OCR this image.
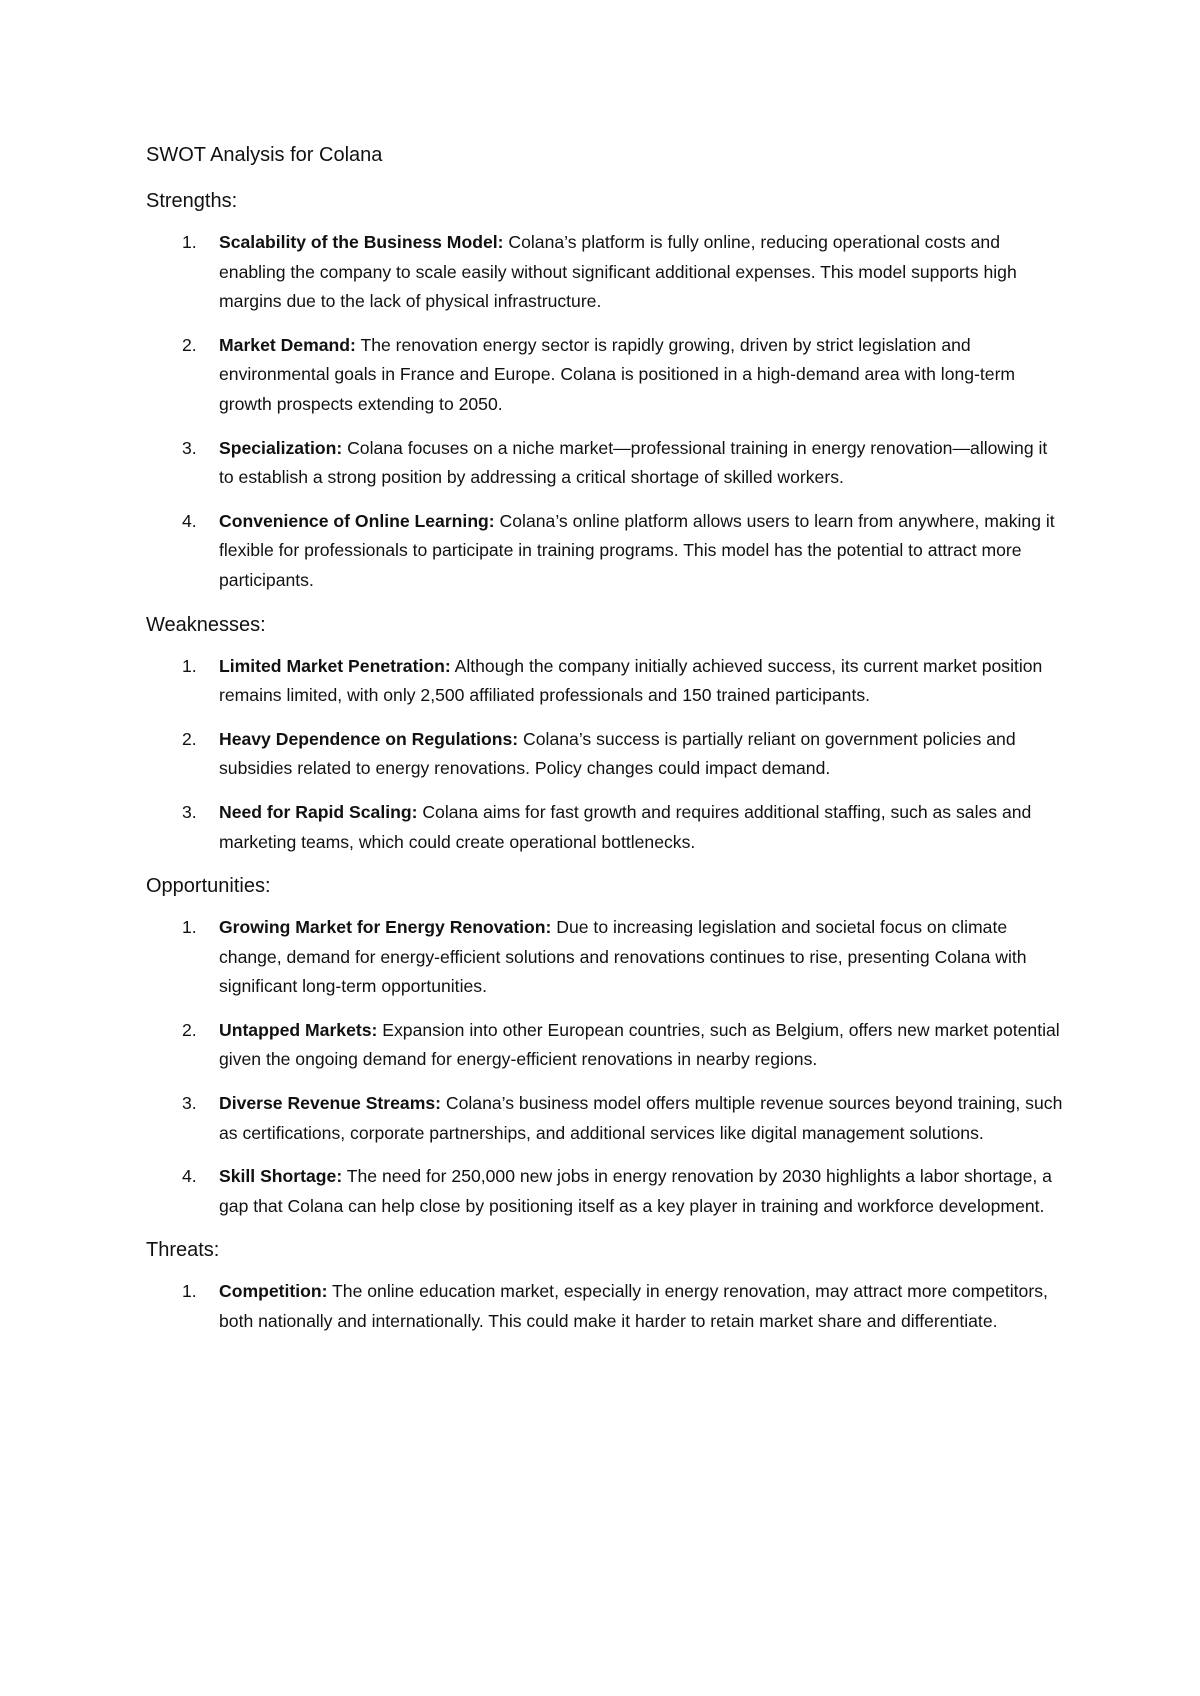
SWOT Analysis for Colana
Strengths:
1. Scalability of the Business Model: Colana’s platform is fully online, reducing operational costs and enabling the company to scale easily without significant additional expenses. This model supports high margins due to the lack of physical infrastructure.
2. Market Demand: The renovation energy sector is rapidly growing, driven by strict legislation and environmental goals in France and Europe. Colana is positioned in a high-demand area with long-term growth prospects extending to 2050.
3. Specialization: Colana focuses on a niche market—professional training in energy renovation—allowing it to establish a strong position by addressing a critical shortage of skilled workers.
4. Convenience of Online Learning: Colana’s online platform allows users to learn from anywhere, making it flexible for professionals to participate in training programs. This model has the potential to attract more participants.
Weaknesses:
1. Limited Market Penetration: Although the company initially achieved success, its current market position remains limited, with only 2,500 affiliated professionals and 150 trained participants.
2. Heavy Dependence on Regulations: Colana’s success is partially reliant on government policies and subsidies related to energy renovations. Policy changes could impact demand.
3. Need for Rapid Scaling: Colana aims for fast growth and requires additional staffing, such as sales and marketing teams, which could create operational bottlenecks.
Opportunities:
1. Growing Market for Energy Renovation: Due to increasing legislation and societal focus on climate change, demand for energy-efficient solutions and renovations continues to rise, presenting Colana with significant long-term opportunities.
2. Untapped Markets: Expansion into other European countries, such as Belgium, offers new market potential given the ongoing demand for energy-efficient renovations in nearby regions.
3. Diverse Revenue Streams: Colana’s business model offers multiple revenue sources beyond training, such as certifications, corporate partnerships, and additional services like digital management solutions.
4. Skill Shortage: The need for 250,000 new jobs in energy renovation by 2030 highlights a labor shortage, a gap that Colana can help close by positioning itself as a key player in training and workforce development.
Threats:
1. Competition: The online education market, especially in energy renovation, may attract more competitors, both nationally and internationally. This could make it harder to retain market share and differentiate.
